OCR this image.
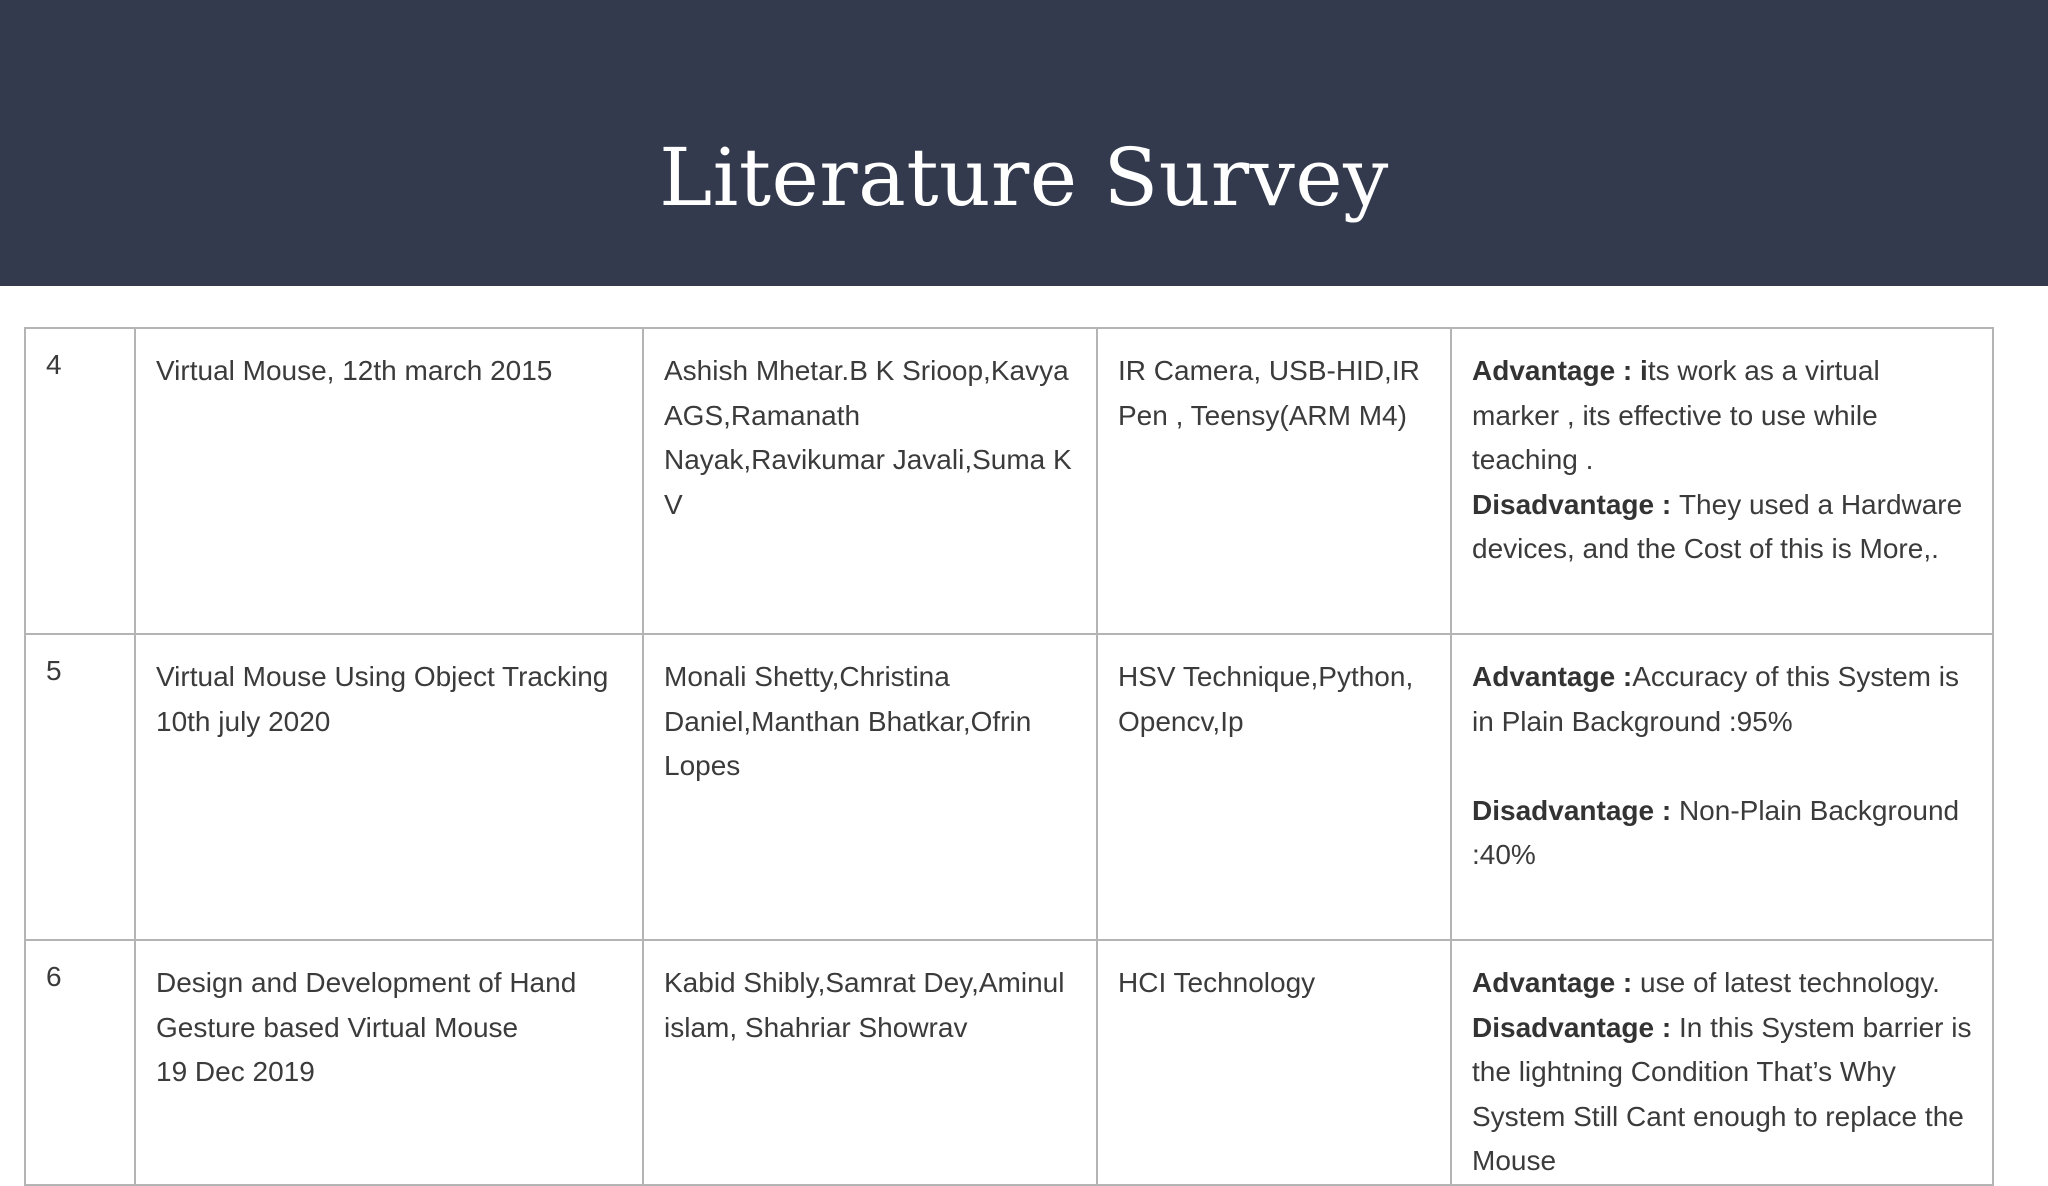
Literature Survey
4	Virtual Mouse, 12th march 2015	Ashish Mhetar.B K Srioop,Kavya
AGS,Ramanath
Nayak,Ravikumar Javali,Suma K
V	IR Camera, USB-HID,IR
Pen , Teensy(ARM M4)	Advantage : its work as a virtual
marker , its effective to use while
teaching .
Disadvantage : They used a Hardware
devices, and the Cost of this is More,.

5	Virtual Mouse Using Object Tracking
10th july 2020	Monali Shetty,Christina
Daniel,Manthan Bhatkar,Ofrin
Lopes	HSV Technique,Python,
Opencv,Ip	Advantage :Accuracy of this System is
in Plain Background :95%
Disadvantage : Non-Plain Background
:40%

6	Design and Development of Hand
Gesture based Virtual Mouse
19 Dec 2019	Kabid Shibly,Samrat Dey,Aminul
islam, Shahriar Showrav	HCI Technology	Advantage : use of latest technology.
Disadvantage : In this System barrier is
the lightning Condition That’s Why
System Still Cant enough to replace the
Mouse
